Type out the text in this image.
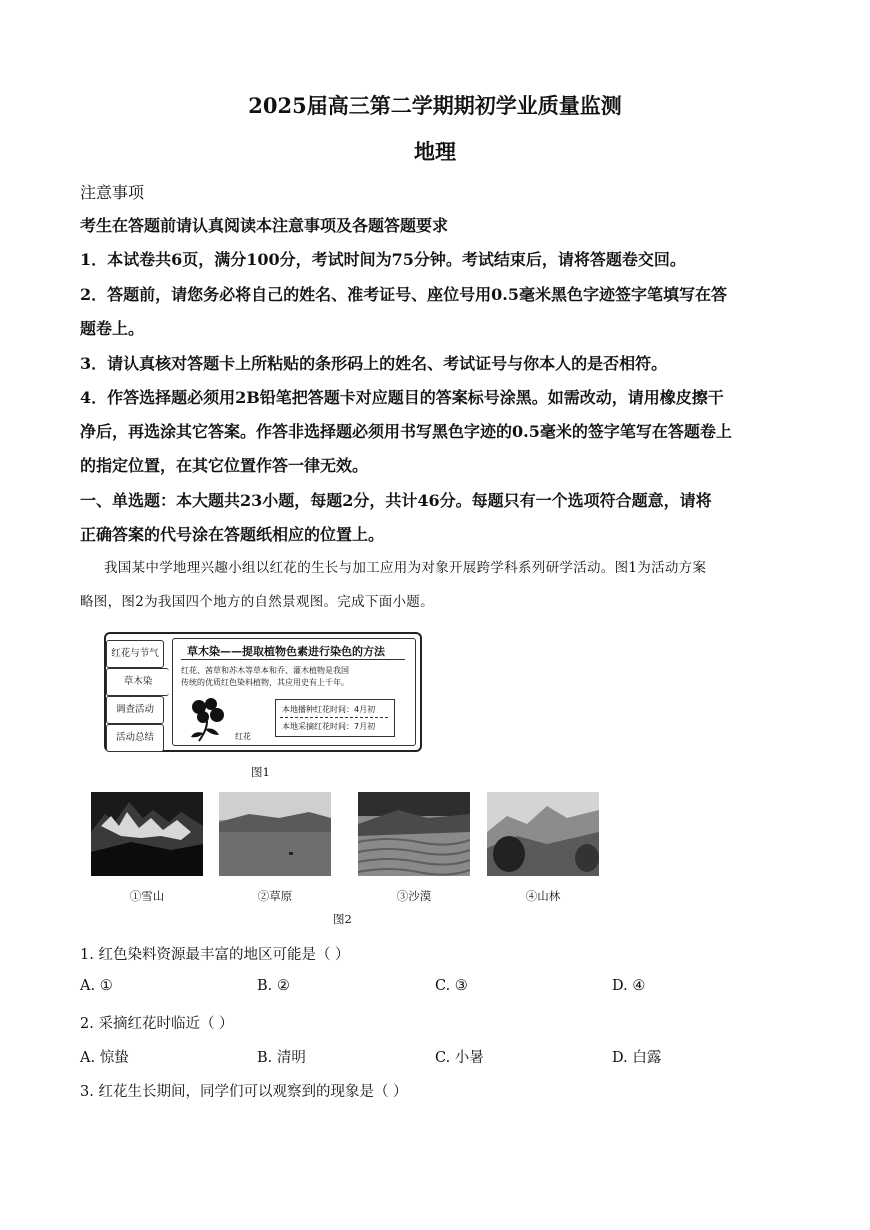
2025届高三第二学期期初学业质量监测
地理
注意事项
考生在答题前请认真阅读本注意事项及各题答题要求
1．本试卷共6页，满分100分，考试时间为75分钟。考试结束后，请将答题卷交回。
2．答题前，请您务必将自己的姓名、准考证号、座位号用0.5毫米黑色字迹签字笔填写在答
题卷上。
3．请认真核对答题卡上所粘贴的条形码上的姓名、考试证号与你本人的是否相符。
4．作答选择题必须用2B铅笔把答题卡对应题目的答案标号涂黑。如需改动，请用橡皮擦干
净后，再选涂其它答案。作答非选择题必须用书写黑色字迹的0.5毫米的签字笔写在答题卷上
的指定位置，在其它位置作答一律无效。
一、单选题：本大题共23小题，每题2分，共计46分。每题只有一个选项符合题意，请将
正确答案的代号涂在答题纸相应的位置上。
我国某中学地理兴趣小组以红花的生长与加工应用为对象开展跨学科系列研学活动。图1为活动方案
略图，图2为我国四个地方的自然景观图。完成下面小题。
红花与节气
草木染
调查活动
活动总结
草木染——提取植物色素进行染色的方法
红花、茜草和苏木等草本和乔、灌木植物是我国
传统的优质红色染料植物，其应用史有上千年。
红花
本地播种红花时间：4月初
本地采摘红花时间：7月初
图1
①雪山	②草原	③沙漠	④山林
图2
1. 红色染料资源最丰富的地区可能是（ ）
A. ①	B. ②	C. ③	D. ④
2. 采摘红花时临近（ ）
A. 惊蛰	B. 清明	C. 小暑	D. 白露
3. 红花生长期间，同学们可以观察到的现象是（ ）
